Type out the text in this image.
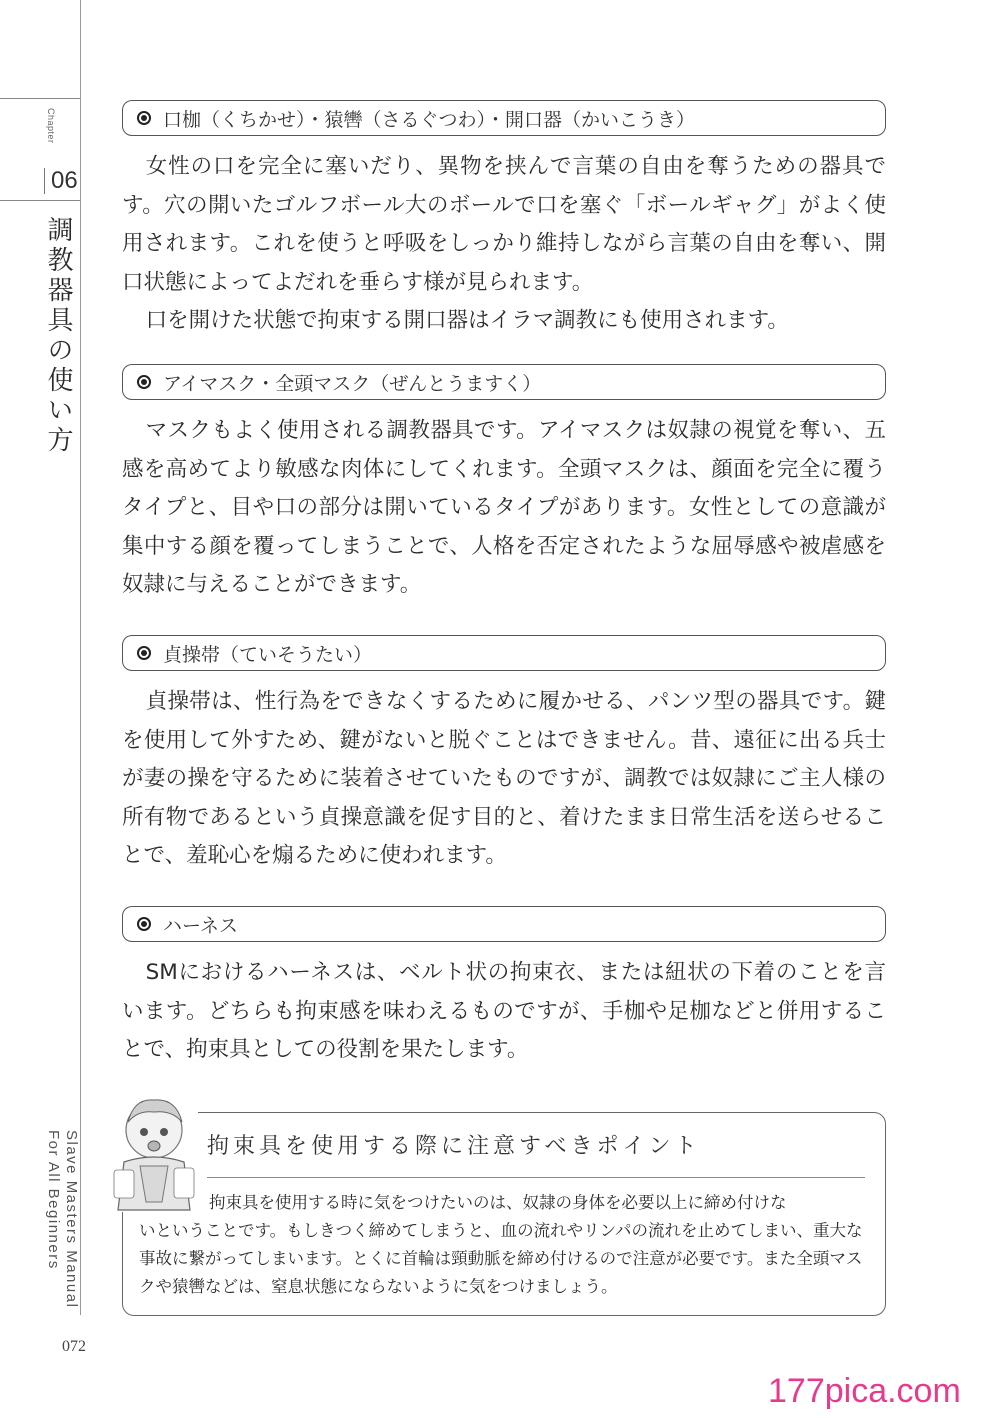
Chapter
06
調教器具の使い方
Slave Masters Manual
For All Beginners
072
口枷（くちかせ）・猿轡（さるぐつわ）・開口器（かいこうき）

女性の口を完全に塞いだり、異物を挟んで言葉の自由を奪うための器具です。穴の開いたゴルフボール大のボールで口を塞ぐ「ボールギャグ」がよく使用されます。これを使うと呼吸をしっかり維持しながら言葉の自由を奪い、開口状態によってよだれを垂らす様が見られます。

口を開けた状態で拘束する開口器はイラマ調教にも使用されます。

アイマスク・全頭マスク（ぜんとうますく）

マスクもよく使用される調教器具です。アイマスクは奴隷の視覚を奪い、五感を高めてより敏感な肉体にしてくれます。全頭マスクは、顔面を完全に覆うタイプと、目や口の部分は開いているタイプがあります。女性としての意識が集中する顔を覆ってしまうことで、人格を否定されたような屈辱感や被虐感を奴隷に与えることができます。

貞操帯（ていそうたい）

貞操帯は、性行為をできなくするために履かせる、パンツ型の器具です。鍵を使用して外すため、鍵がないと脱ぐことはできません。昔、遠征に出る兵士が妻の操を守るために装着させていたものですが、調教では奴隷にご主人様の所有物であるという貞操意識を促す目的と、着けたまま日常生活を送らせることで、羞恥心を煽るために使われます。

ハーネス

SMにおけるハーネスは、ベルト状の拘束衣、または紐状の下着のことを言います。どちらも拘束感を味わえるものですが、手枷や足枷などと併用することで、拘束具としての役割を果たします。

拘束具を使用する際に注意すべきポイント
拘束具を使用する時に気をつけたいのは、奴隷の身体を必要以上に締め付けな
いということです。もしきつく締めてしまうと、血の流れやリンパの流れを止めてしまい、重大な事故に繋がってしまいます。とくに首輪は頸動脈を締め付けるので注意が必要です。また全頭マスクや猿轡などは、窒息状態にならないように気をつけましょう。
177pica.com
